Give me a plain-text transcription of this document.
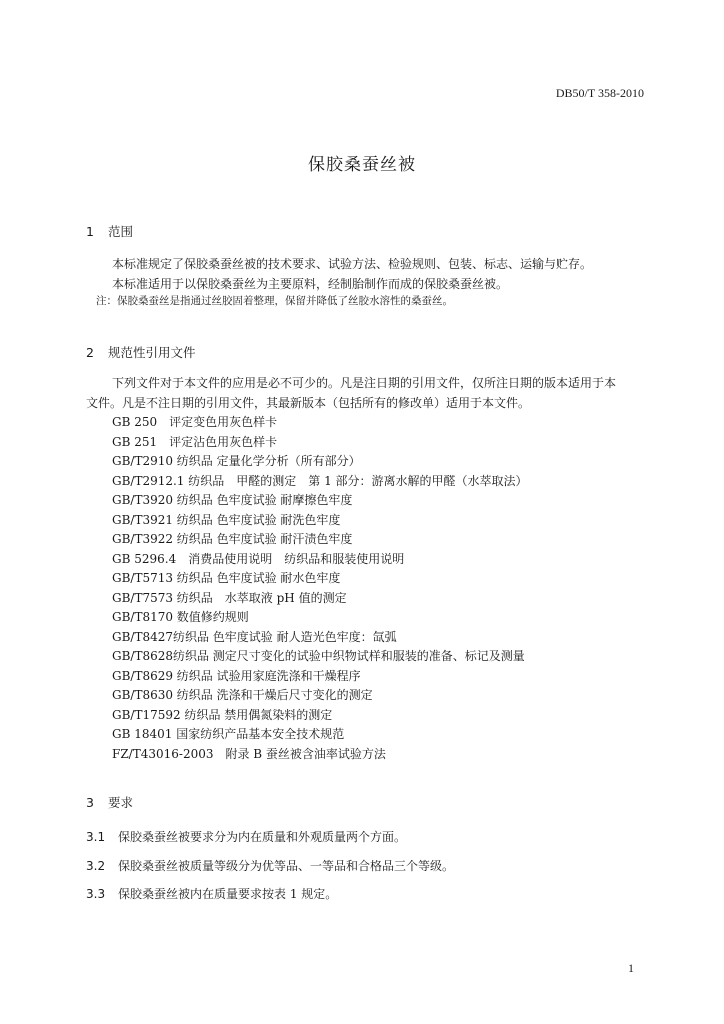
DB50/T 358-2010
保胶桑蚕丝被
1 范围
本标准规定了保胶桑蚕丝被的技术要求、试验方法、检验规则、包装、标志、运输与贮存。
本标准适用于以保胶桑蚕丝为主要原料，经制胎制作而成的保胶桑蚕丝被。
注：保胶桑蚕丝是指通过丝胶固着整理，保留并降低了丝胶水溶性的桑蚕丝。
2 规范性引用文件
下列文件对于本文件的应用是必不可少的。凡是注日期的引用文件，仅所注日期的版本适用于本
文件。凡是不注日期的引用文件，其最新版本（包括所有的修改单）适用于本文件。
GB 250　评定变色用灰色样卡
GB 251　评定沾色用灰色样卡
GB/T2910 纺织品 定量化学分析（所有部分）
GB/T2912.1 纺织品　甲醛的测定　第 1 部分：游离水解的甲醛（水萃取法）
GB/T3920 纺织品 色牢度试验 耐摩擦色牢度
GB/T3921 纺织品 色牢度试验 耐洗色牢度
GB/T3922 纺织品 色牢度试验 耐汗渍色牢度
GB 5296.4　消费品使用说明　纺织品和服装使用说明
GB/T5713 纺织品 色牢度试验 耐水色牢度
GB/T7573 纺织品　水萃取液 pH 值的测定
GB/T8170 数值修约规则
GB/T8427纺织品 色牢度试验 耐人造光色牢度：氙弧
GB/T8628纺织品 测定尺寸变化的试验中织物试样和服装的准备、标记及测量
GB/T8629 纺织品 试验用家庭洗涤和干燥程序
GB/T8630 纺织品 洗涤和干燥后尺寸变化的测定
GB/T17592 纺织品 禁用偶氮染料的测定
GB 18401 国家纺织产品基本安全技术规范
FZ/T43016-2003　附录 B 蚕丝被含油率试验方法
3 要求
3.1 保胶桑蚕丝被要求分为内在质量和外观质量两个方面。
3.2 保胶桑蚕丝被质量等级分为优等品、一等品和合格品三个等级。
3.3 保胶桑蚕丝被内在质量要求按表 1 规定。
1
